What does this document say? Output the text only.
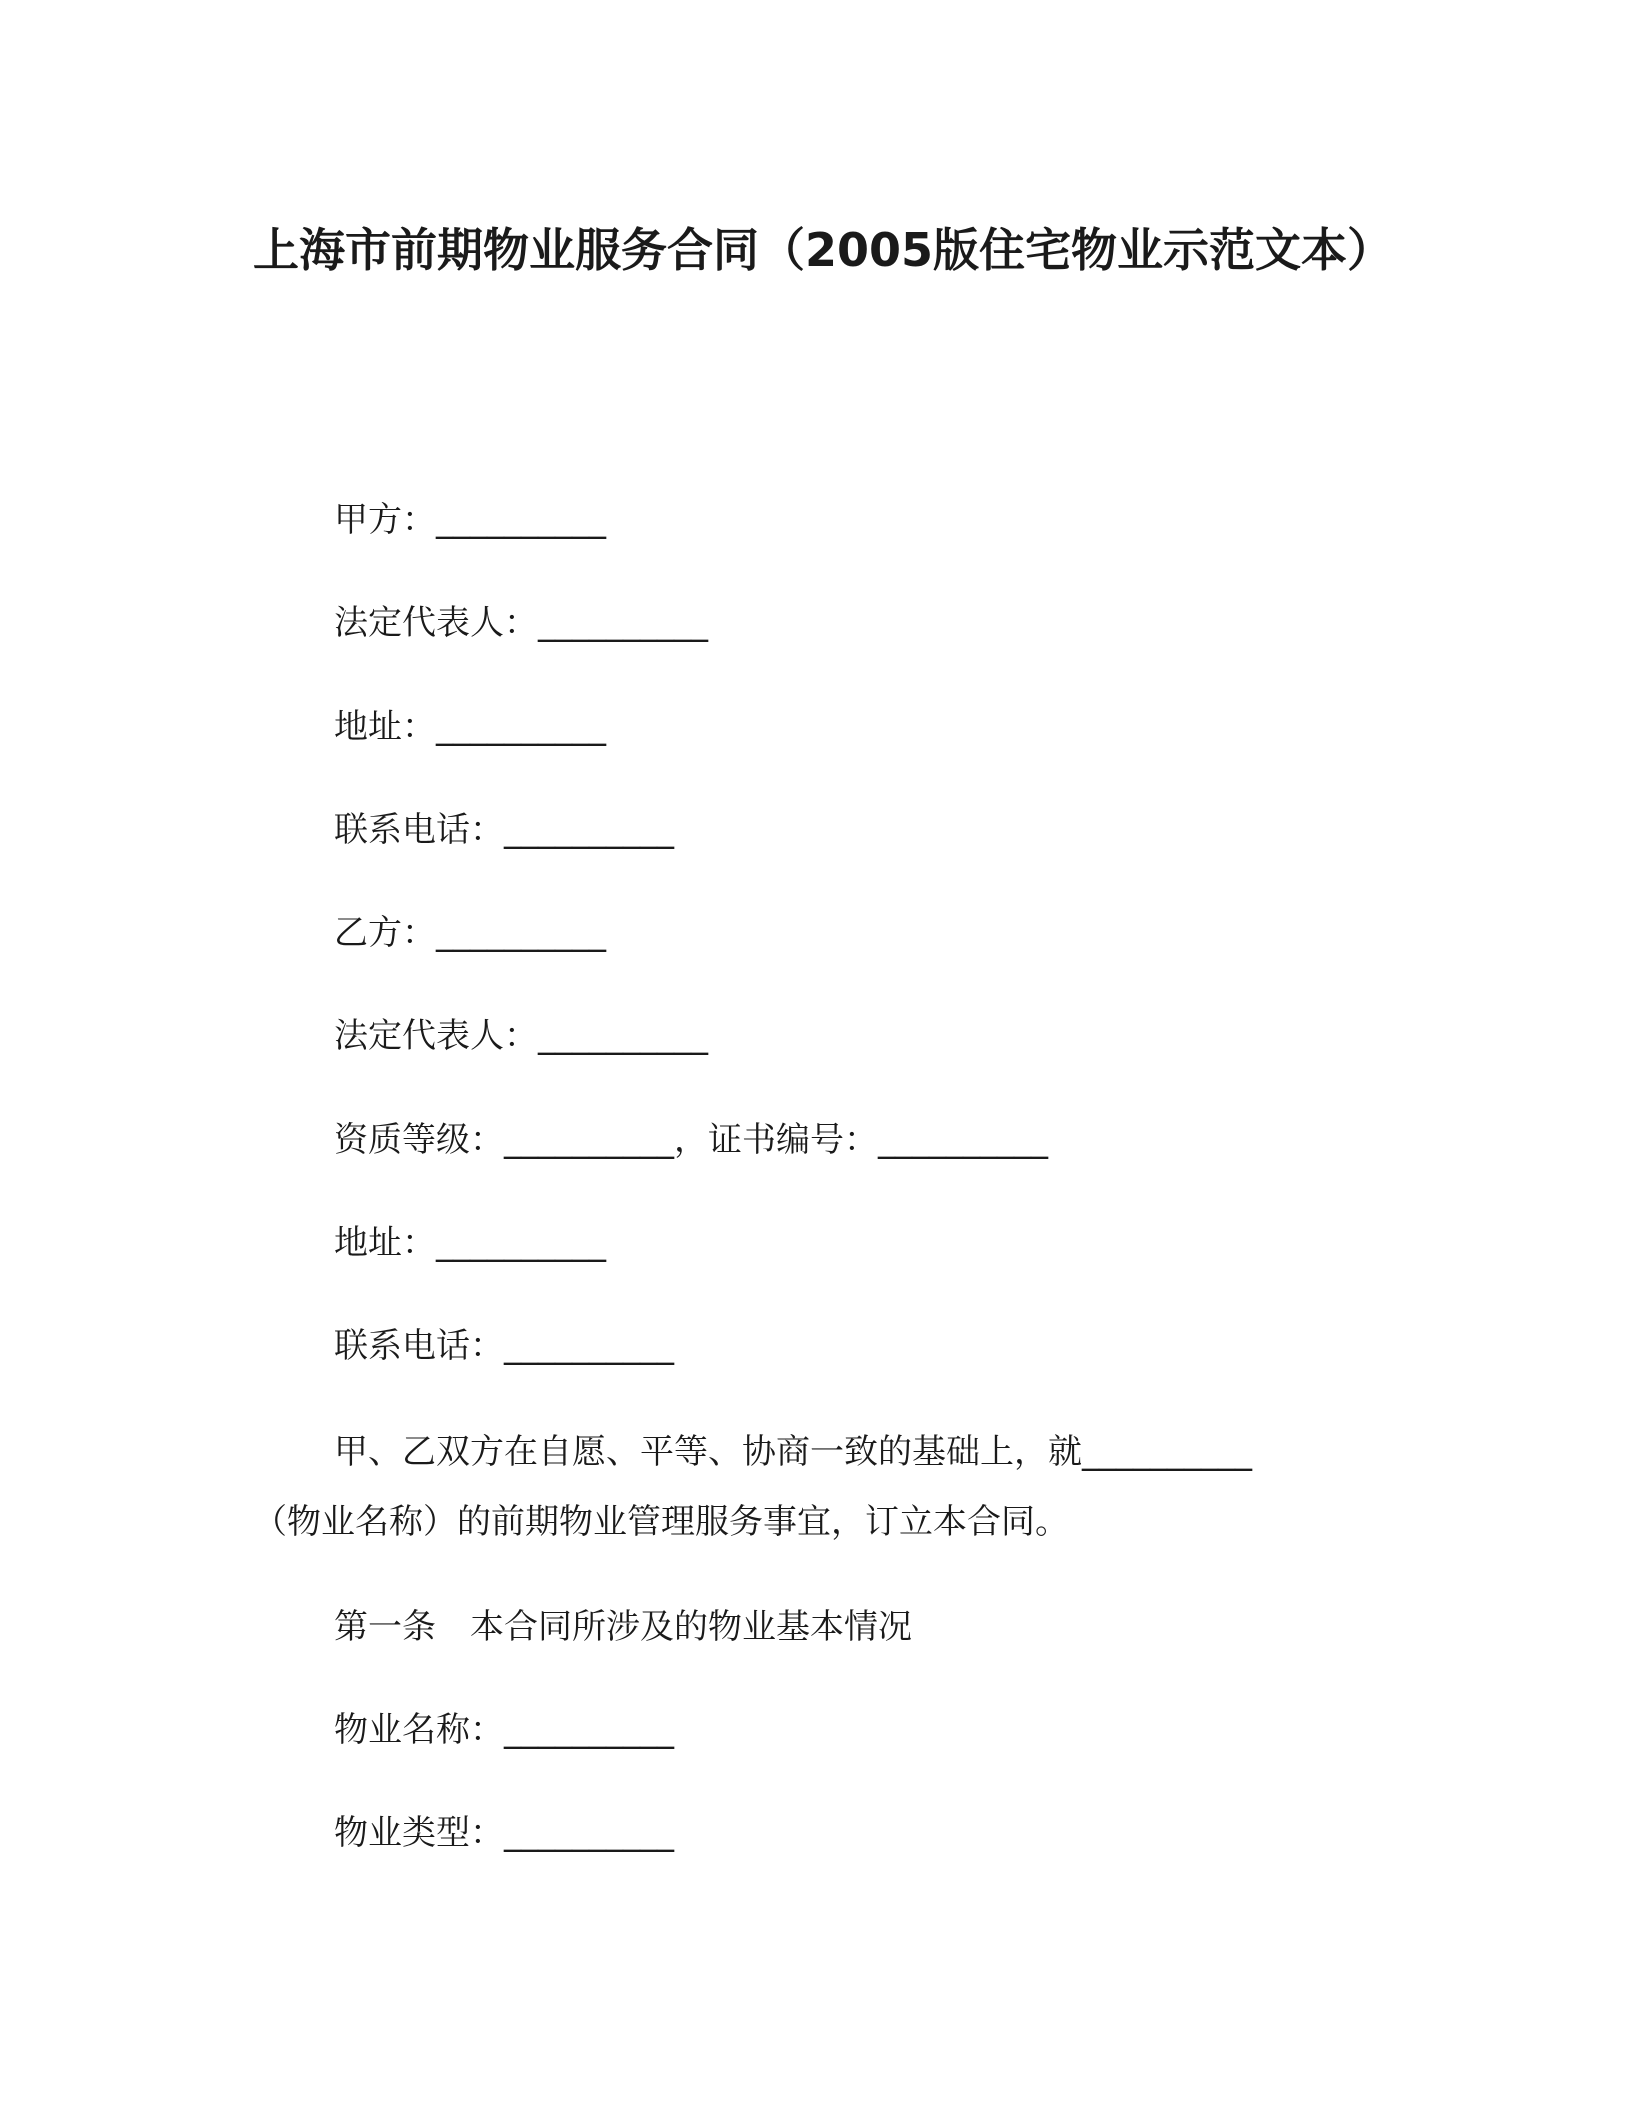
上海市前期物业服务合同（2005版住宅物业示范文本）
甲方：__________
法定代表人：__________
地址：__________
联系电话：__________
乙方：__________
法定代表人：__________
资质等级：__________，证书编号：__________
地址：__________
联系电话：__________
甲、乙双方在自愿、平等、协商一致的基础上，就__________
（物业名称）的前期物业管理服务事宜，订立本合同。
第一条 本合同所涉及的物业基本情况
物业名称：__________
物业类型：__________
